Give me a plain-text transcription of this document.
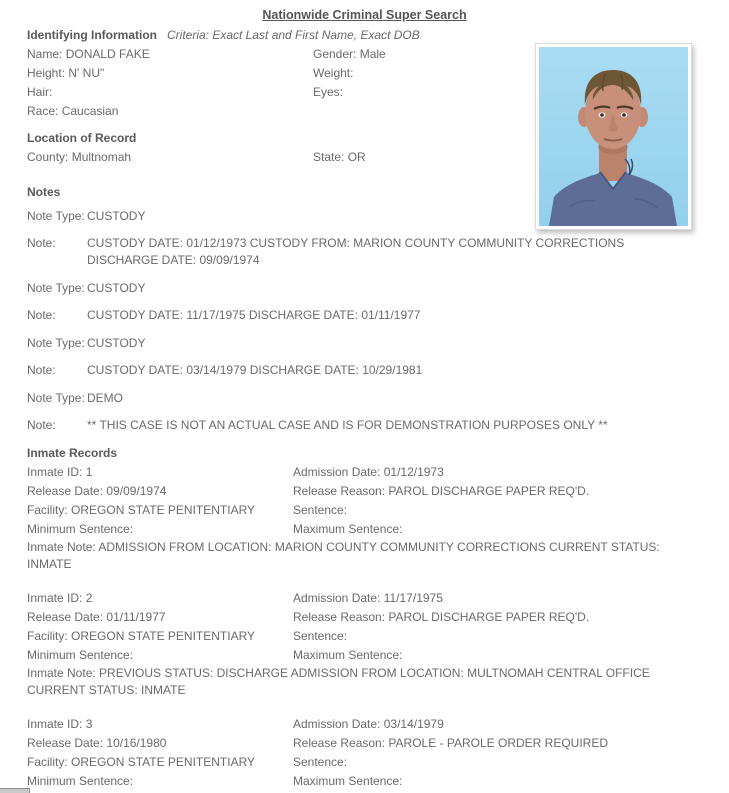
Nationwide Criminal Super Search
Identifying Information Criteria: Exact Last and First Name, Exact DOB
Name: DONALD FAKE	Gender: Male
Height: N' NU"	Weight:
Hair:	Eyes:
Race: Caucasian
Location of Record
County: Multnomah	State: OR
Notes
Note Type: CUSTODY
Note:	CUSTODY DATE: 01/12/1973 CUSTODY FROM: MARION COUNTY COMMUNITY CORRECTIONS DISCHARGE DATE: 09/09/1974
Note Type: CUSTODY
Note:	CUSTODY DATE: 11/17/1975 DISCHARGE DATE: 01/11/1977
Note Type: CUSTODY
Note:	CUSTODY DATE: 03/14/1979 DISCHARGE DATE: 10/29/1981
Note Type: DEMO
Note:	** THIS CASE IS NOT AN ACTUAL CASE AND IS FOR DEMONSTRATION PURPOSES ONLY **
Inmate Records
Inmate ID: 1	Admission Date: 01/12/1973
Release Date: 09/09/1974	Release Reason: PAROL DISCHARGE PAPER REQ'D.
Facility: OREGON STATE PENITENTIARY	Sentence:
Minimum Sentence:	Maximum Sentence:
Inmate Note: ADMISSION FROM LOCATION: MARION COUNTY COMMUNITY CORRECTIONS CURRENT STATUS: INMATE
Inmate ID: 2	Admission Date: 11/17/1975
Release Date: 01/11/1977	Release Reason: PAROL DISCHARGE PAPER REQ'D.
Facility: OREGON STATE PENITENTIARY	Sentence:
Minimum Sentence:	Maximum Sentence:
Inmate Note: PREVIOUS STATUS: DISCHARGE ADMISSION FROM LOCATION: MULTNOMAH CENTRAL OFFICE CURRENT STATUS: INMATE
Inmate ID: 3	Admission Date: 03/14/1979
Release Date: 10/16/1980	Release Reason: PAROLE - PAROLE ORDER REQUIRED
Facility: OREGON STATE PENITENTIARY	Sentence:
Minimum Sentence:	Maximum Sentence:
